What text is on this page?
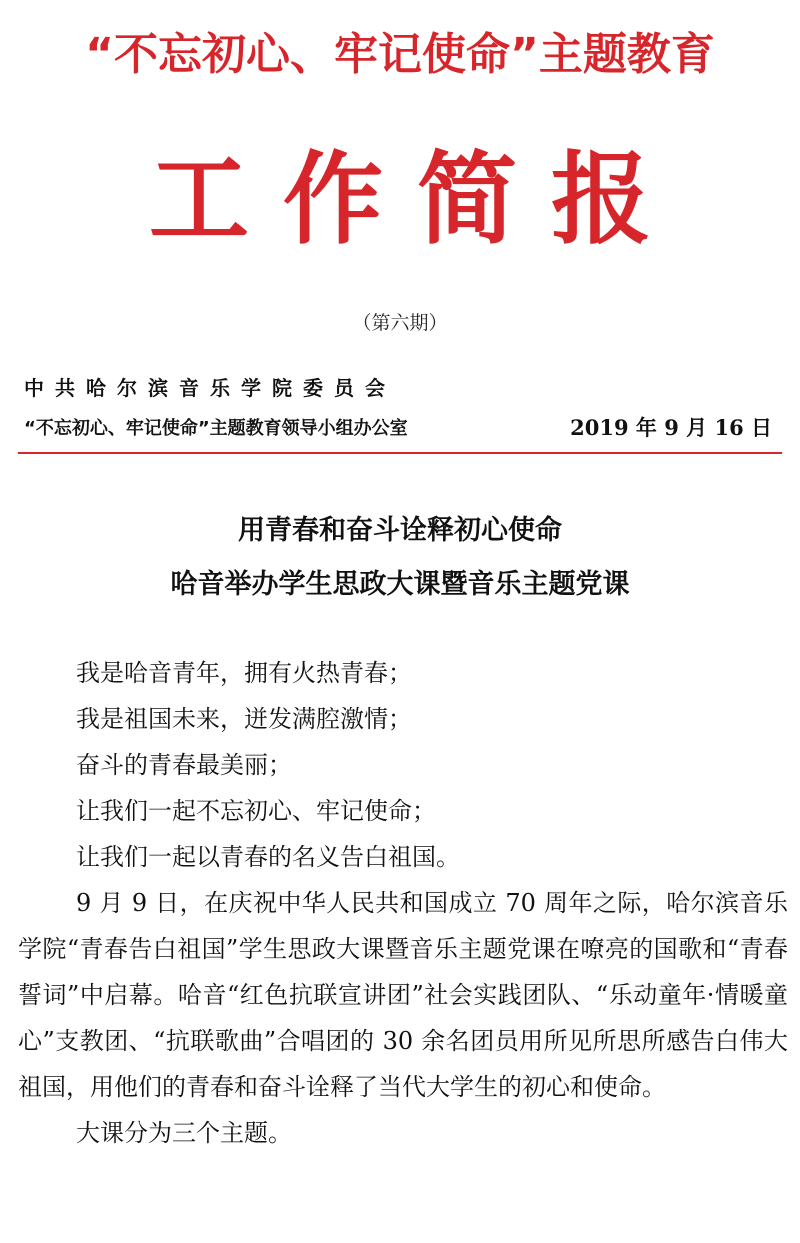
“不忘初心、牢记使命”主题教育
工作简报
（第六期）
中共哈尔滨音乐学院委员会
“不忘初心、牢记使命”主题教育领导小组办公室	2019 年 9 月 16 日
用青春和奋斗诠释初心使命
哈音举办学生思政大课暨音乐主题党课

我是哈音青年，拥有火热青春；

我是祖国未来，迸发满腔激情；

奋斗的青春最美丽；

让我们一起不忘初心、牢记使命；

让我们一起以青春的名义告白祖国。

9 月 9 日，在庆祝中华人民共和国成立 70 周年之际，哈尔滨音乐学院“青春告白祖国”学生思政大课暨音乐主题党课在嘹亮的国歌和“青春誓词”中启幕。哈音“红色抗联宣讲团”社会实践团队、“乐动童年·情暖童心”支教团、“抗联歌曲”合唱团的 30 余名团员用所见所思所感告白伟大祖国，用他们的青春和奋斗诠释了当代大学生的初心和使命。

大课分为三个主题。
